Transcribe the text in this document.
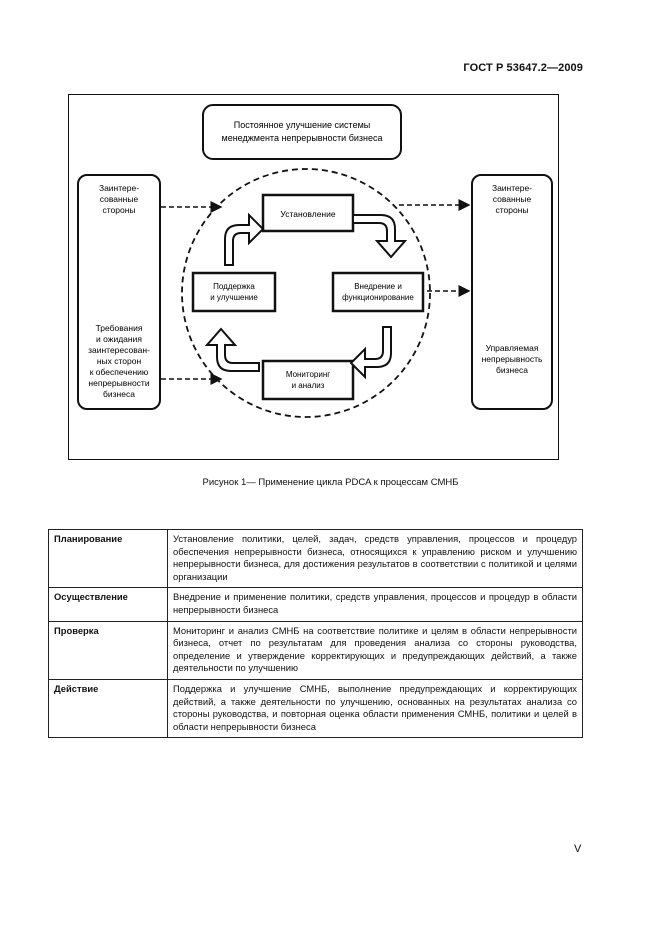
ГОСТ Р 53647.2—2009
Постоянное улучшение системы
менеджмента непрерывности бизнеса
Заинтере-
сованные
стороны
Требования
и ожидания
заинтересован-
ных сторон
к обеспечению
непрерывности
бизнеса
Заинтере-
сованные
стороны
Управляемая
непрерывность
бизнеса
Установление
Внедрение и
функционирование
Мониторинг
и анализ
Поддержка
и улучшение
Рисунок 1— Применение цикла PDCA к процессам СМНБ
Планирование	Установление политики, целей, задач, средств управления, процессов и процедур обеспечения непрерывности бизнеса, относящихся к управлению риском и улучшению непрерывности бизнеса, для достижения результатов в соответствии с политикой и целями организации
Осуществление	Внедрение и применение политики, средств управления, процессов и процедур в области непрерывности бизнеса
Проверка	Мониторинг и анализ СМНБ на соответствие политике и целям в области непрерывности бизнеса, отчет по результатам для проведения анализа со стороны руководства, определение и утверждение корректирующих и предупреждающих действий, а также деятельности по улучшению
Действие	Поддержка и улучшение СМНБ, выполнение предупреждающих и корректирующих действий, а также деятельности по улучшению, основанных на результатах анализа со стороны руководства, и повторная оценка области применения СМНБ, политики и целей в области непрерывности бизнеса
V
